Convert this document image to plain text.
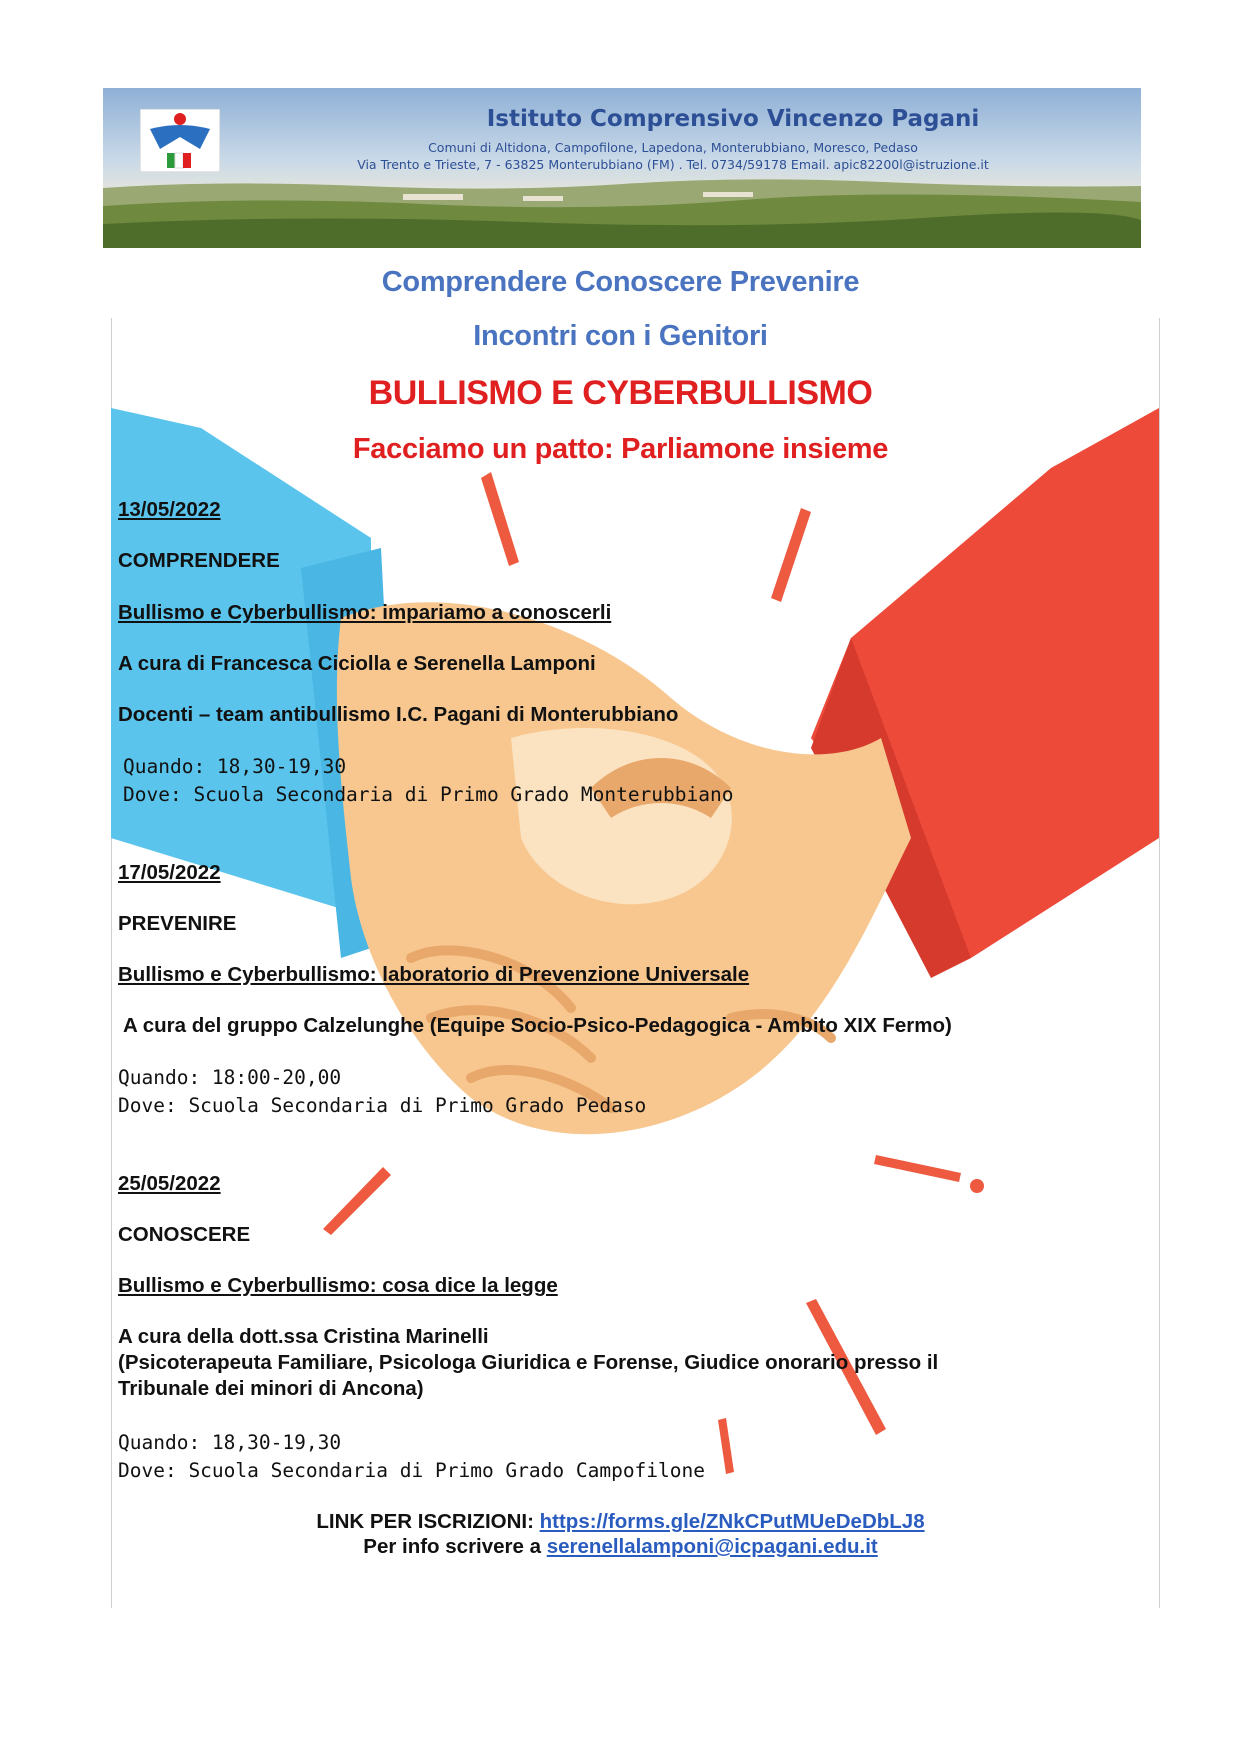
Istituto Comprensivo Vincenzo Pagani
Comuni di Altidona, Campofilone, Lapedona, Monterubbiano, Moresco, Pedaso
Via Trento e Trieste, 7 - 63825 Monterubbiano (FM) . Tel. 0734/59178 Email. apic82200l@istruzione.it
Comprendere Conoscere Prevenire
Incontri con i Genitori
BULLISMO E CYBERBULLISMO
Facciamo un patto: Parliamone insieme
13/05/2022
COMPRENDERE
Bullismo e Cyberbullismo: impariamo a conoscerli
A cura di Francesca Ciciolla e Serenella Lamponi
Docenti – team antibullismo I.C. Pagani di Monterubbiano
Quando: 18,30-19,30
Dove: Scuola Secondaria di Primo Grado Monterubbiano
17/05/2022
PREVENIRE
Bullismo e Cyberbullismo: laboratorio di Prevenzione Universale
A cura del gruppo Calzelunghe (Equipe Socio-Psico-Pedagogica - Ambito XIX Fermo)
Quando: 18:00-20,00
Dove: Scuola Secondaria di Primo Grado Pedaso
25/05/2022
CONOSCERE
Bullismo e Cyberbullismo: cosa dice la legge
A cura della dott.ssa Cristina Marinelli
(Psicoterapeuta Familiare, Psicologa Giuridica e Forense, Giudice onorario presso il
Tribunale dei minori di Ancona)
Quando: 18,30-19,30
Dove: Scuola Secondaria di Primo Grado Campofilone
LINK PER ISCRIZIONI: https://forms.gle/ZNkCPutMUeDeDbLJ8
Per info scrivere a serenellalamponi@icpagani.edu.it
